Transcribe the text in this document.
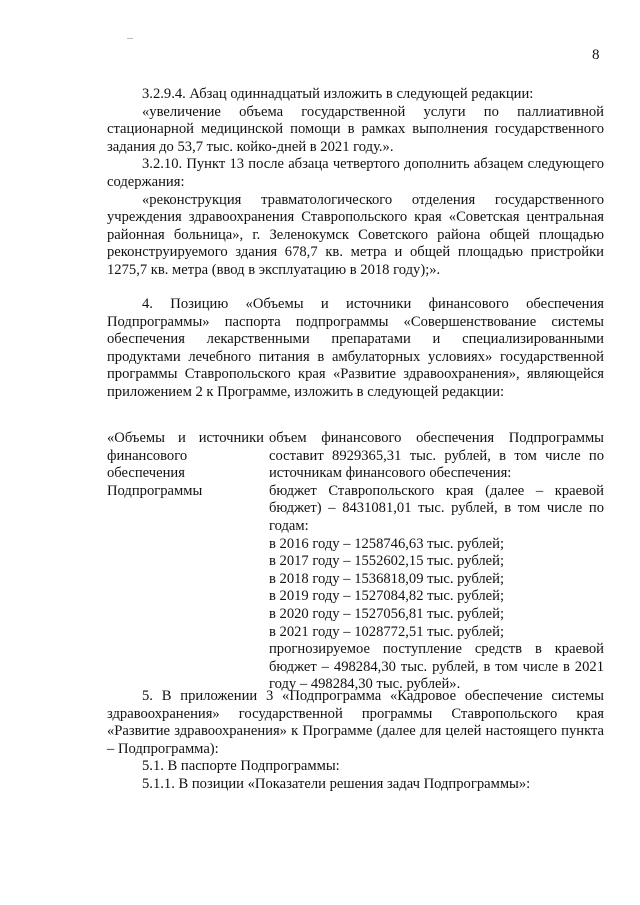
8

3.2.9.4. Абзац одиннадцатый изложить в следующей редакции:

«увеличение объема государственной услуги по паллиативной стационарной медицинской помощи в рамках выполнения государственного задания до 53,7 тыс. койко-дней в 2021 году.».

3.2.10. Пункт 13 после абзаца четвертого дополнить абзацем следующего содержания:

«реконструкция травматологического отделения государственного учреждения здравоохранения Ставропольского края «Советская центральная районная больница», г. Зеленокумск Советского района общей площадью реконструируемого здания 678,7 кв. метра и общей площадью пристройки 1275,7 кв. метра (ввод в эксплуатацию в 2018 году);».

4. Позицию «Объемы и источники финансового обеспечения Подпрограммы» паспорта подпрограммы «Совершенствование системы обеспечения лекарственными препаратами и специализированными продуктами лечебного питания в амбулаторных условиях» государственной программы Ставропольского края «Развитие здравоохранения», являющейся приложением 2 к Программе, изложить в следующей редакции:

«Объемы и источники финансового обеспечения Подпрограммы

объем финансового обеспечения Подпрограммы составит 8929365,31 тыс. рублей, в том числе по источникам финансового обеспечения:

бюджет Ставропольского края (далее – краевой бюджет) – 8431081,01 тыс. рублей, в том числе по годам:

в 2016 году – 1258746,63 тыс. рублей;

в 2017 году – 1552602,15 тыс. рублей;

в 2018 году – 1536818,09 тыс. рублей;

в 2019 году – 1527084,82 тыс. рублей;

в 2020 году – 1527056,81 тыс. рублей;

в 2021 году – 1028772,51 тыс. рублей;

прогнозируемое поступление средств в краевой бюджет – 498284,30 тыс. рублей, в том числе в 2021 году – 498284,30 тыс. рублей».

5. В приложении 3 «Подпрограмма «Кадровое обеспечение системы здравоохранения» государственной программы Ставропольского края «Развитие здравоохранения» к Программе (далее для целей настоящего пункта – Подпрограмма):

5.1. В паспорте Подпрограммы:

5.1.1. В позиции «Показатели решения задач Подпрограммы»:
